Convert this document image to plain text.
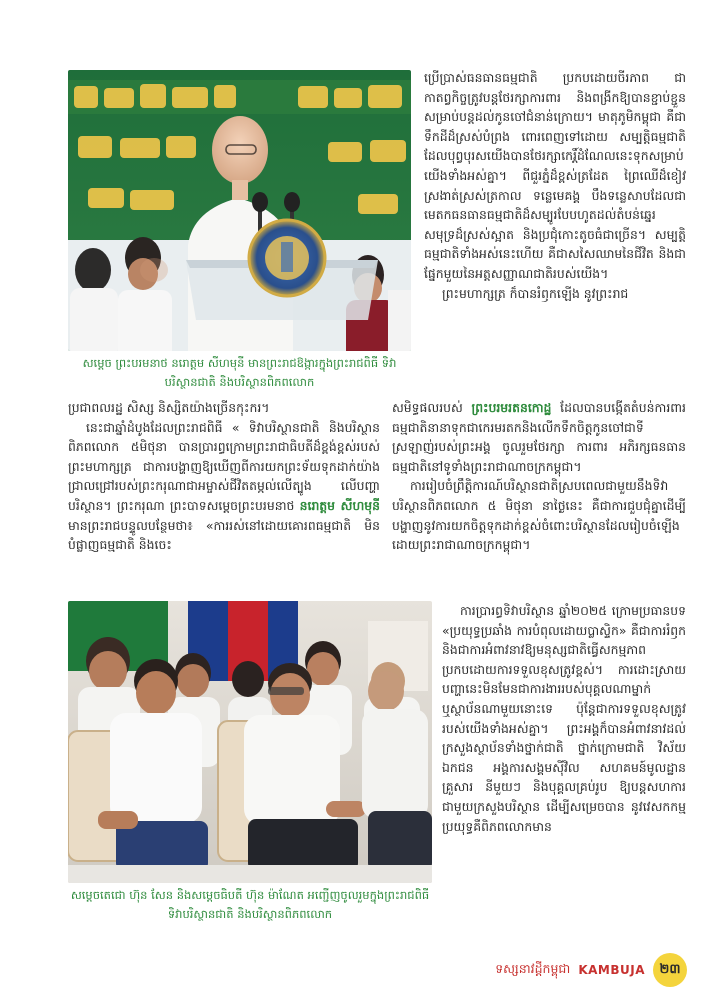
សម្ដេច ព្រះបរមនាថ នរោត្តម សីហមុនី មានព្រះរាជឱង្ការក្នុងព្រះរាជពិធី ទិវាបរិស្ថានជាតិ និងបរិស្ថានពិភពលោក

ប្រើប្រាស់ធនធានធម្មជាតិ ប្រកបដោយចីរភាព ជាកាតព្វកិច្ចត្រូវបន្តថែរក្សាការពារ និងពង្រីកឱ្យបានខ្ជាប់ខ្ជួនសម្រាប់បន្តដល់កូនចៅជំនាន់ក្រោយ។ មាតុភូមិកម្ពុជា គឺជាទឹកដីដ៏ស្រស់បំព្រង ពោរពេញទៅដោយ សម្បត្តិធម្មជាតិ ដែលបុព្វបុរសយើងបានថែរក្សាកេរ្តិ៍ដំណែលនេះទុកសម្រាប់យើងទាំងអស់គ្នា។ ពីជួរភ្នំដ៏ខ្ពស់ត្រដែត ព្រៃឈើដ៏ខៀវស្រងាត់ស្រស់ត្រកាល ទន្លេមេគង្គ បឹងទន្លេសាបដែលជាមេតកធនធានធម្មជាតិដ៏សម្បូរបែបហូតដល់តំបន់ឆ្នេរសមុទ្រដ៏ស្រស់ស្អាត និងប្រជុំកោះតូចធំជាច្រើន។ សម្បត្តិធម្មជាតិទាំងអស់នេះហើយ គឺជាសសៃឈាមនៃជីវិត និងជាផ្នែកមួយនៃអត្តសញ្ញាណជាតិរបស់យើង។

ព្រះមហាក្សត្រ ក៏បានរំឭកឡើង នូវព្រះរាជ

ប្រជាពលរដ្ឋ សិស្ស និស្សិតយ៉ាងច្រើនកុះករ។

នេះជាឆ្នាំដំបូងដែលព្រះរាជពិធី « ទិវាបរិស្ថានជាតិ និងបរិស្ថានពិភពលោក ៥មិថុនា បានប្រារព្ធក្រោមព្រះរាជាធិបតីដ៏ខ្ពង់ខ្ពស់របស់ព្រះមហាក្សត្រ ជាការបង្ហាញឱ្យឃើញពីការយកព្រះទ័យទុកដាក់យ៉ាងជ្រាលជ្រៅរបស់ព្រះករុណាជាអម្ចាស់ជីវិតតម្កល់លើត្បូង លើបញ្ហាបរិស្ថាន។ ព្រះករុណា ព្រះបាទសម្ដេចព្រះបរមនាថ នរោត្តម សីហមុនី មានព្រះរាជបន្ទូលបន្ថែមថា៖ «ការរស់នៅដោយគោរពធម្មជាតិ មិនបំផ្លាញធម្មជាតិ និងចេះ

សមិទ្ធផលរបស់ ព្រះបរមរតនកោដ្ឋ ដែលបានបង្កើតតំបន់ការពារធម្មជាតិនានាទុកជាកេរមរតកនិងលើកទឹកចិត្តកូនចៅជាទីស្រឡាញ់របស់ព្រះអង្គ ចូលរួមថែរក្សា ការពារ អភិរក្សធនធានធម្មជាតិនៅទូទាំងព្រះរាជាណាចក្រកម្ពុជា។

ការរៀបចំព្រឹត្តិការណ៍បរិស្ថានជាតិស្របពេលជាមួយនឹងទិវាបរិស្ថានពិភពលោក ៥ មិថុនា នាថ្ងៃនេះ គឺជាការជួបជុំគ្នាដើម្បីបង្ហាញនូវការយកចិត្តទុកដាក់ខ្ពស់ចំពោះបរិស្ថានដែលរៀបចំឡើងដោយព្រះរាជាណាចក្រកម្ពុជា។

សម្ដេចតេជោ ហ៊ុន សែន និងសម្ដេចធិបតី ហ៊ុន ម៉ាណែត អញ្ជើញចូលរួមក្នុងព្រះរាជពិធី ទិវាបរិស្ថានជាតិ និងបរិស្ថានពិភពលោក

ការប្រារព្ធទិវាបរិស្ថាន ឆ្នាំ២០២៥ ក្រោមប្រធានបទ «ប្រយុទ្ធប្រឆាំង ការបំពុលដោយប្លាស្ទិក» គឺជាការរំឭក និងជាការអំពាវនាវឱ្យមនុស្សជាតិធ្វើសកម្មភាពប្រកបដោយការទទួលខុសត្រូវខ្ពស់។ ការដោះស្រាយបញ្ហានេះមិនមែនជាការងាររបស់បុគ្គលណាម្នាក់ ឬស្ថាប័នណាមួយនោះទេ ប៉ុន្តែជាការទទួលខុសត្រូវរបស់យើងទាំងអស់គ្នា។ ព្រះអង្គក៏បានអំពាវនាវដល់ក្រសួងស្ថាប័នទាំងថ្នាក់ជាតិ ថ្នាក់ក្រោមជាតិ វិស័យឯកជន អង្គការសង្គមស៊ីវិល សហគមន៍មូលដ្ឋាន គ្រួសារ នីមួយៗ និងបុគ្គលគ្រប់រូប ឱ្យបន្តសហការជាមួយក្រសួងបរិស្ថាន ដើម្បីសម្រេចបាន នូវវេសកកម្មប្រយុទ្ធគឺពិភពលោកមាន

ទស្សនាវដ្ដីកម្ពុជា KAMBUJA	២៣
